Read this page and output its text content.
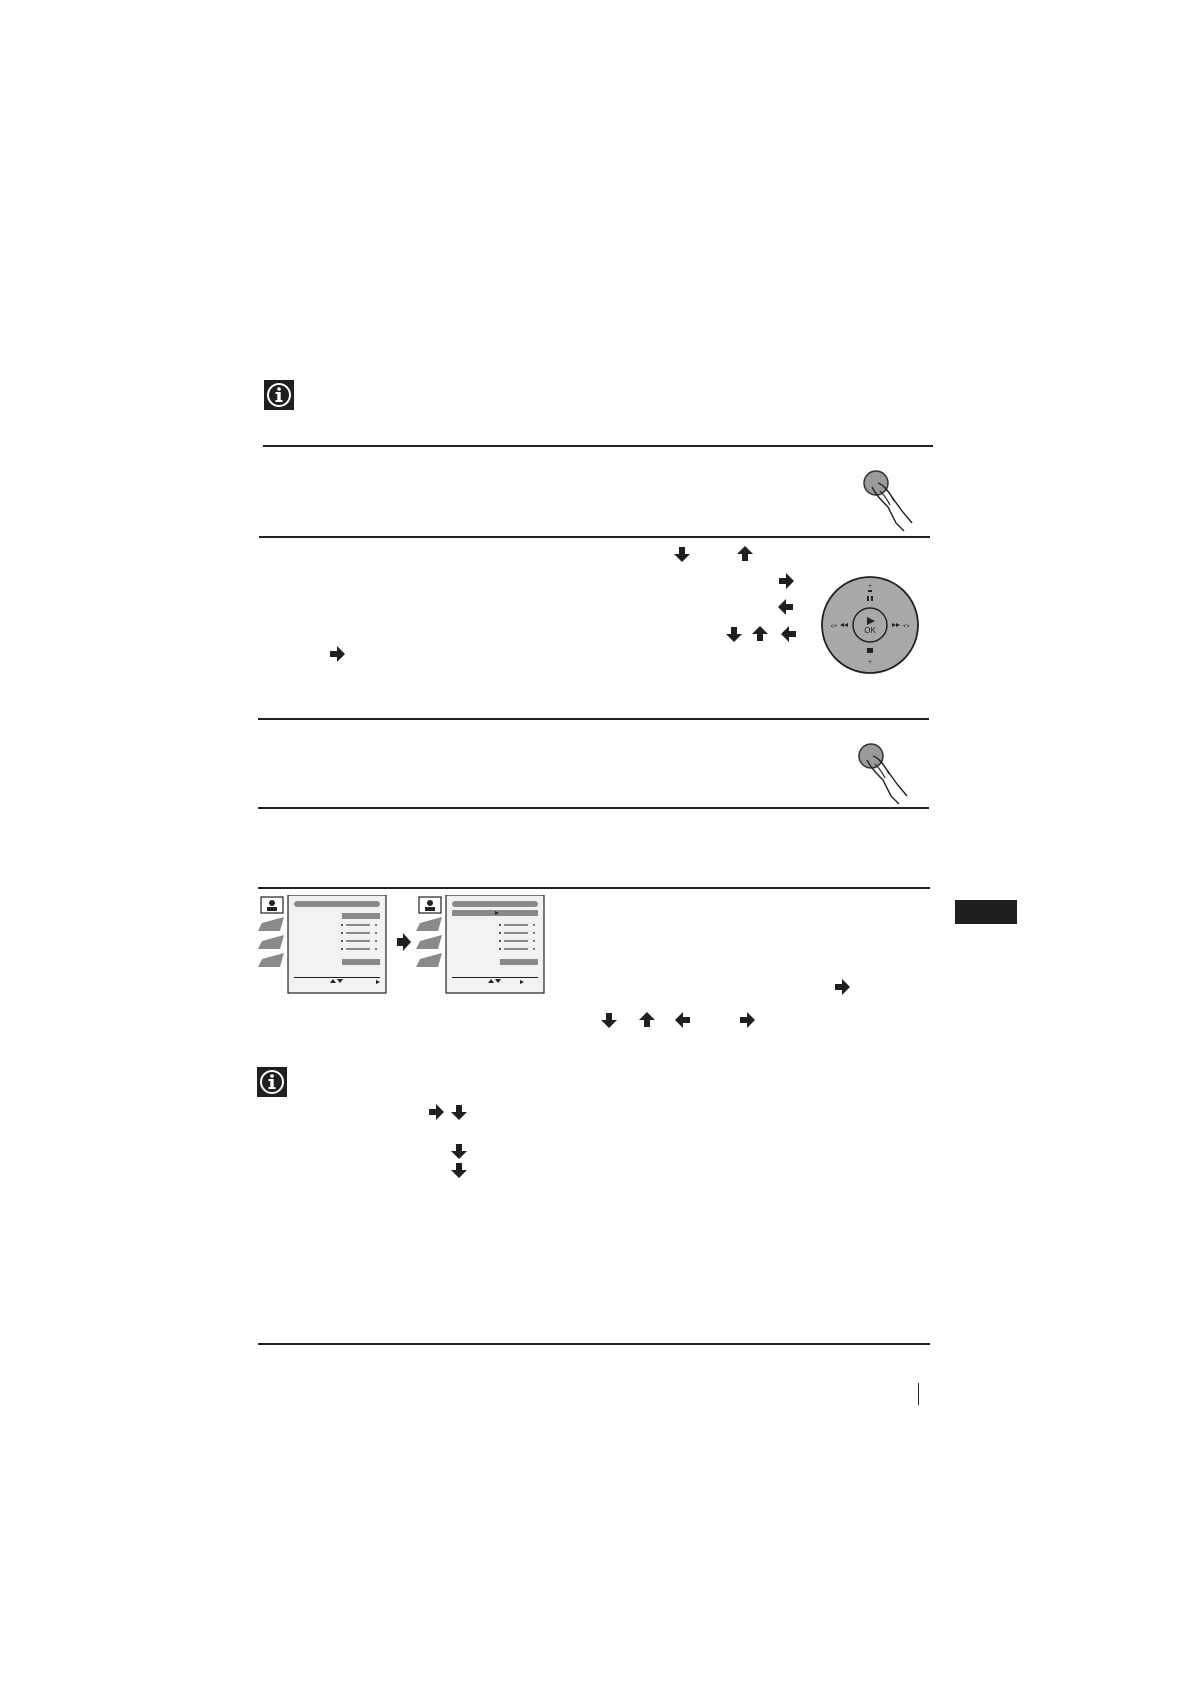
OK
+
+
<+	+>
